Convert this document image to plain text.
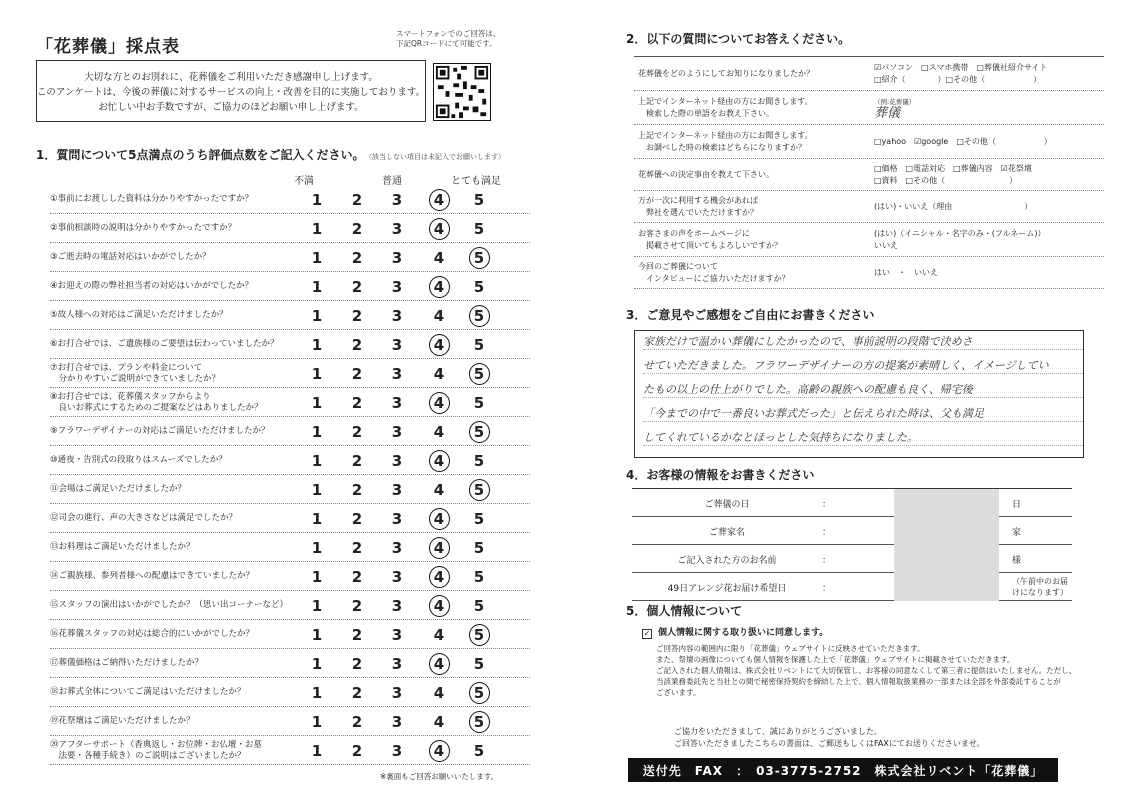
「花葬儀」採点表
スマートフォンでのご回答は、下記QRコードにて可能です。
大切な方とのお別れに、花葬儀をご利用いただき感謝申し上げます。
このアンケートは、今後の葬儀に対するサービスの向上・改善を目的に実施しております。
お忙しい中お手数ですが、ご協力のほどお願い申し上げます。
1．質問について5点満点のうち評価点数をご記入ください。 （該当しない項目は未記入でお願いします）
不満	普通	とても満足
①事前にお渡しした資料は分かりやすかったですか？	1	2	3	4	5
②事前相談時の説明は分かりやすかったですか？	1	2	3	4	5
③ご逝去時の電話対応はいかがでしたか？	1	2	3	4	5
④お迎えの際の弊社担当者の対応はいかがでしたか？	1	2	3	4	5
⑤故人様への対応はご満足いただけましたか？	1	2	3	4	5
⑥お打合せでは、ご遺族様のご要望は伝わっていましたか？	1	2	3	4	5
⑦お打合せでは、プランや料金について
　分かりやすいご説明ができていましたか？	1	2	3	4	5
⑧お打合せでは、花葬儀スタッフからより
　良いお葬式にするためのご提案などはありましたか？	1	2	3	4	5
⑨フラワーデザイナーの対応はご満足いただけましたか？	1	2	3	4	5
⑩通夜・告別式の段取りはスムーズでしたか？	1	2	3	4	5
⑪会場はご満足いただけましたか？	1	2	3	4	5
⑫司会の進行、声の大きさなどは満足でしたか？	1	2	3	4	5
⑬お料理はご満足いただけましたか？	1	2	3	4	5
⑭ご親族様、参列者様への配慮はできていましたか？	1	2	3	4	5
⑮スタッフの演出はいかがでしたか？（思い出コーナーなど）	1	2	3	4	5
⑯花葬儀スタッフの対応は総合的にいかがでしたか？	1	2	3	4	5
⑰葬儀価格はご納得いただけましたか？	1	2	3	4	5
⑱お葬式全体についてご満足はいただけましたか？	1	2	3	4	5
⑲花祭壇はご満足いただけましたか？	1	2	3	4	5
⑳アフターサポート（香典返し・お位牌・お仏壇・お墓
　法要・各種手続き）のご説明はございましたか？	1	2	3	4	5
※裏面もご回答お願いいたします。
2．以下の質問についてお答えください。
花葬儀をどのようにしてお知りになりましたか？
☑パソコン　□スマホ携帯　□葬儀社紹介サイト
□紹介（　　　　）□その他（　　　　　　）
上記でインターネット経由の方にお聞きします。
　検索した際の単語をお教え下さい。
（例:花葬儀）
葬儀
上記でインターネット経由の方にお聞きします。
　お調べした時の検索はどちらになりますか？
□yahoo　☑google　□その他（　　　　　　）
花葬儀への決定事由を教えて下さい。
□価格　□電話対応　□葬儀内容　☑花祭壇
□資料　□その他（　　　　　　　　）
万が一次に利用する機会があれば
　弊社を選んでいただけますか？
(はい)・いいえ（理由　　　　　　　　　）
お客さまの声をホームページに
　掲載させて頂いてもよろしいですか？
(はい)（イニシャル・名字のみ・(フルネーム)）
いいえ
今回のご葬儀について
　インタビューにご協力いただけますか？
はい　・　いいえ
3．ご意見やご感想をご自由にお書きください
家族だけで温かい葬儀にしたかったので、事前説明の段階で決めさ
せていただきました。フラワーデザイナーの方の提案が素晴しく、イメージしてい
たもの以上の仕上がりでした。高齢の親族への配慮も良く、帰宅後
「今までの中で一番良いお葬式だった」と伝えられた時は、父も満足
してくれているかなとほっとした気持ちになりました。
4．お客様の情報をお書きください
ご葬儀の日	：	日
ご葬家名	：	家
ご記入された方のお名前	：	様
49日アレンジ花お届け希望日	：
（午前中のお届けになります）
5．個人情報について
✓ 個人情報に関する取り扱いに同意します。
ご回答内容の範囲内に限り「花葬儀」ウェブサイトに反映させていただきます。
また、祭壇の画像についても個人情報を保護した上で「花葬儀」ウェブサイトに掲載させていただきます。
ご記入された個人情報は、株式会社リベントにて大切保管し、お客様の同意なくして第三者に提供はいたしません。ただし、
当該業務委託先と当社との間で秘密保持契約を締結した上で、個人情報取扱業務の一部または全部を外部委託することが
ございます。
ご協力をいただきまして、誠にありがとうございました。
ご回答いただきましたこちらの書面は、ご郵送もしくはFAXにてお送りくださいませ。
送付先　FAX　：　03-3775-2752　株式会社リベント「花葬儀」
